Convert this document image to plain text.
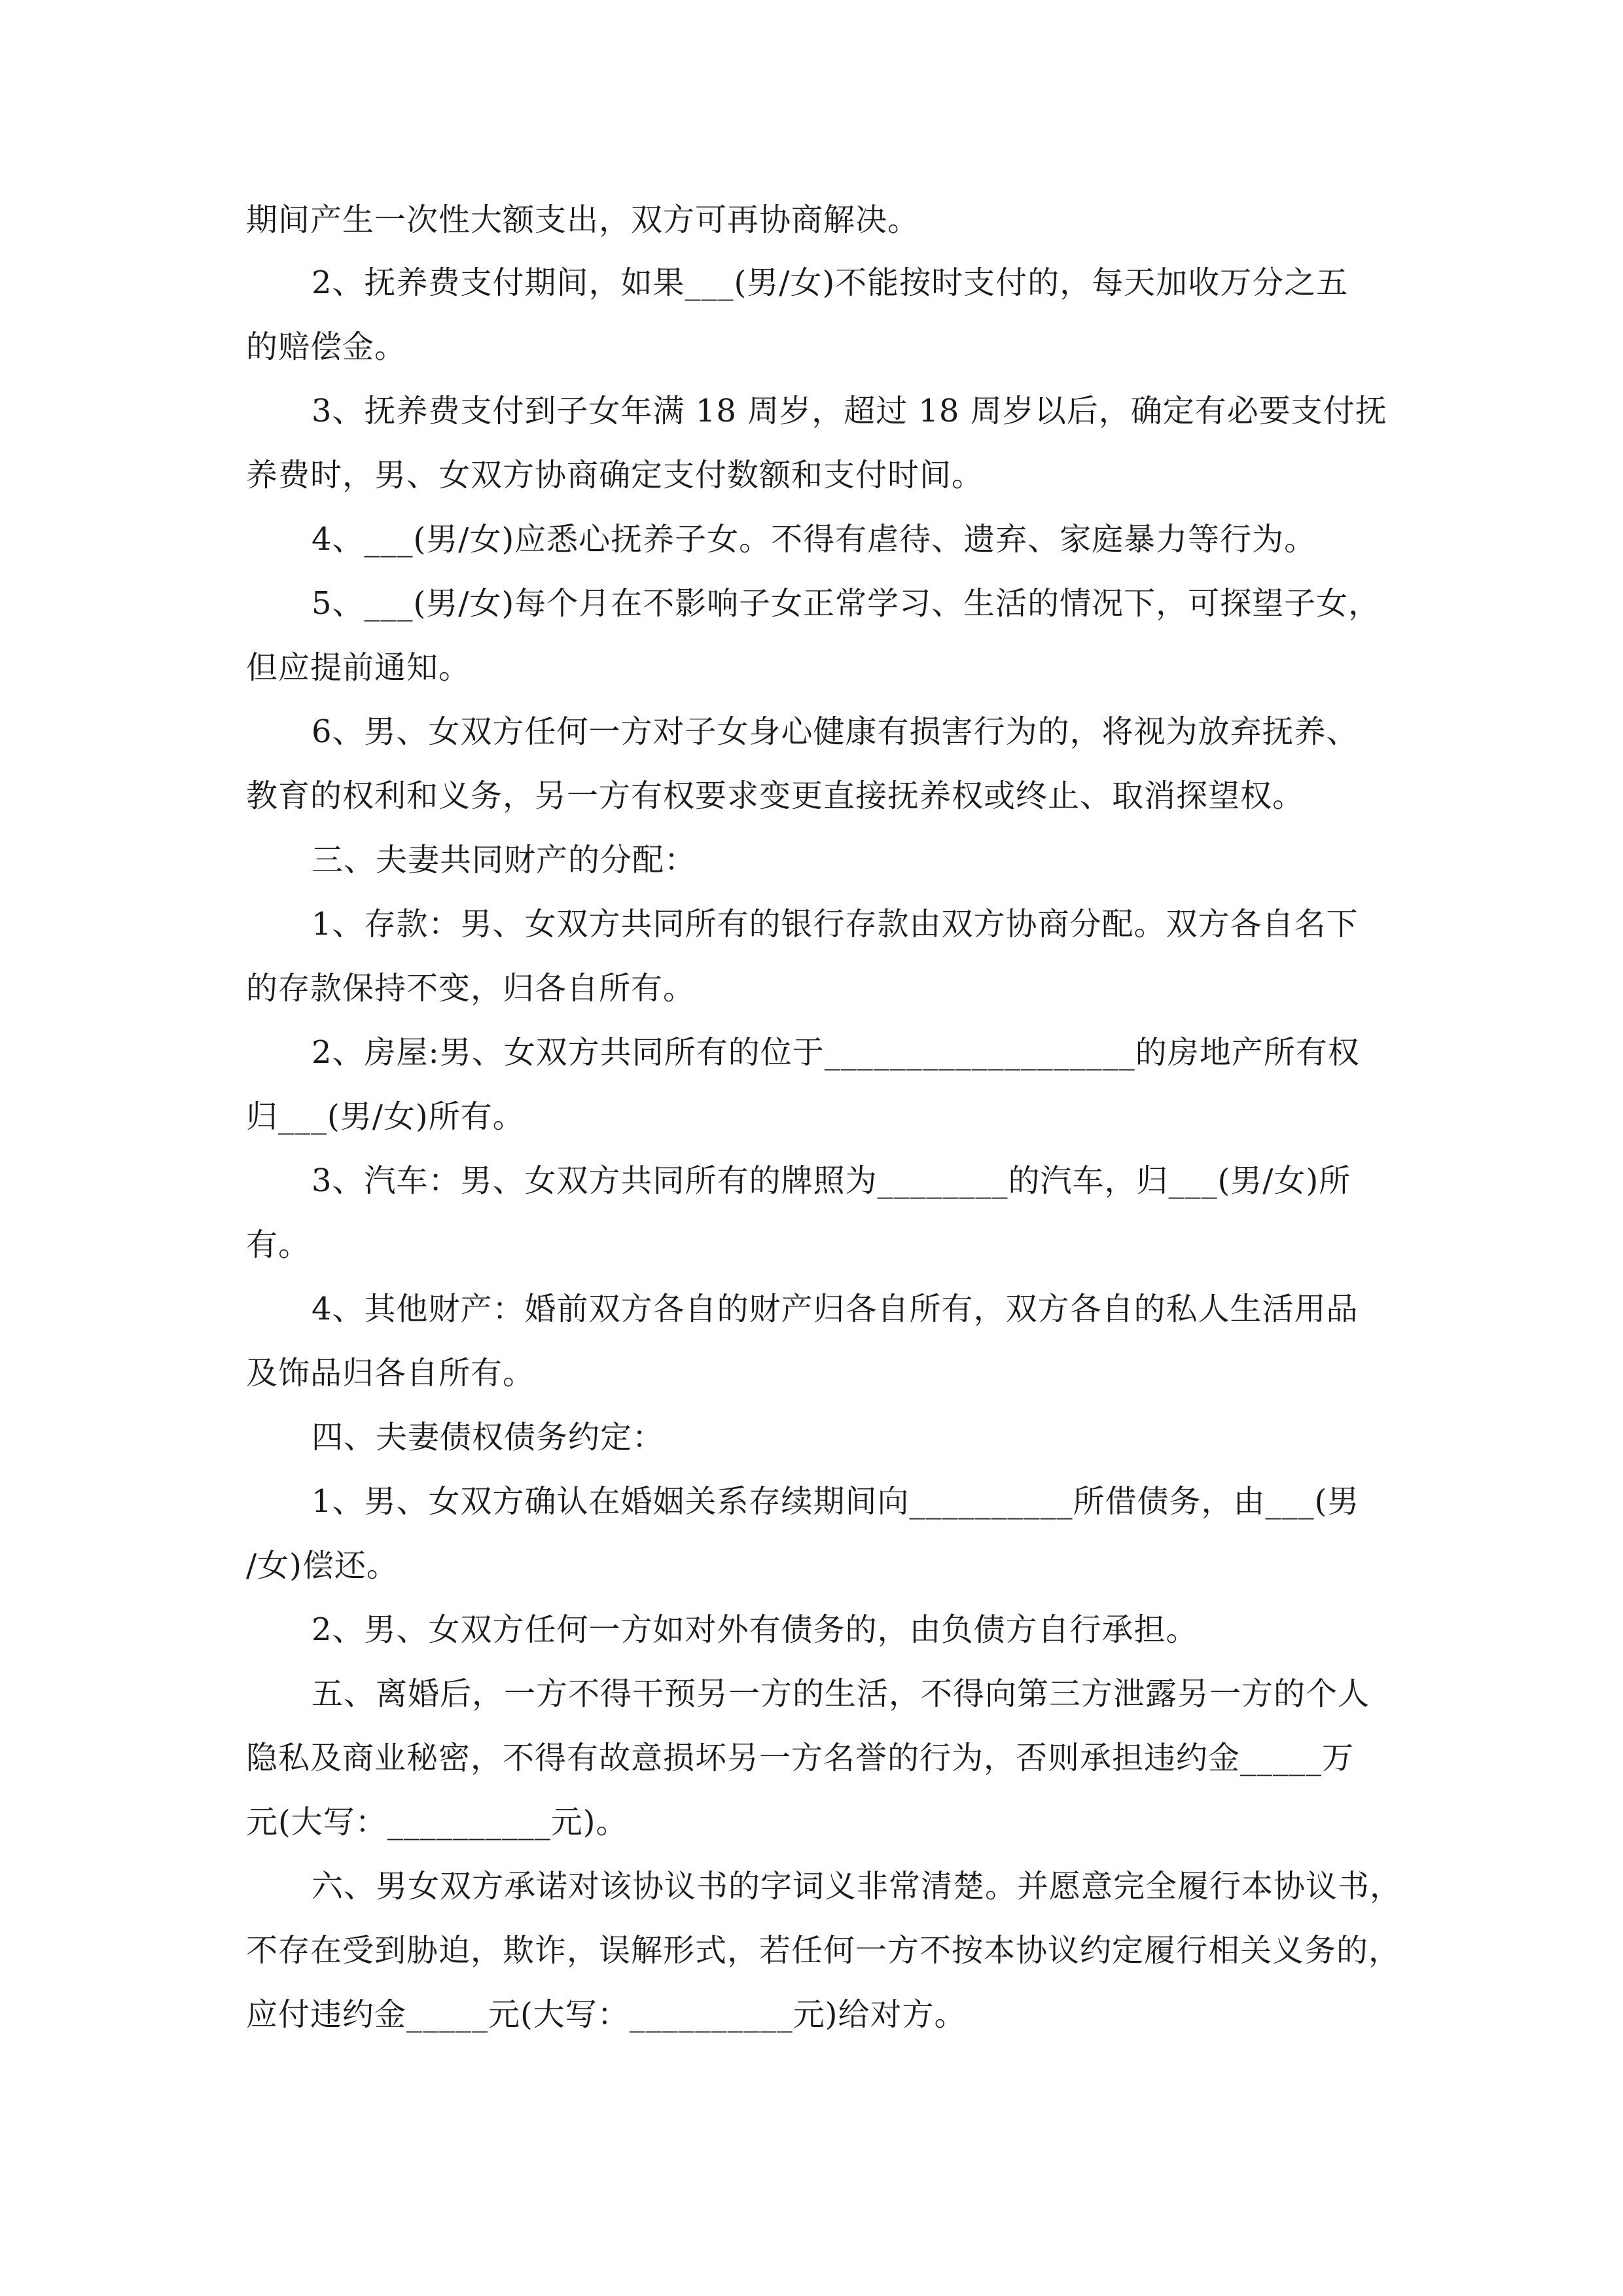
期间产生一次性大额支出，双方可再协商解决。
2、抚养费支付期间，如果___(男/女)不能按时支付的，每天加收万分之五
的赔偿金。
3、抚养费支付到子女年满 18 周岁，超过 18 周岁以后，确定有必要支付抚
养费时，男、女双方协商确定支付数额和支付时间。
4、___(男/女)应悉心抚养子女。不得有虐待、遗弃、家庭暴力等行为。
5、___(男/女)每个月在不影响子女正常学习、生活的情况下，可探望子女，
但应提前通知。
6、男、女双方任何一方对子女身心健康有损害行为的，将视为放弃抚养、
教育的权利和义务，另一方有权要求变更直接抚养权或终止、取消探望权。
三、夫妻共同财产的分配：
1、存款：男、女双方共同所有的银行存款由双方协商分配。双方各自名下
的存款保持不变，归各自所有。
2、房屋:男、女双方共同所有的位于___________________的房地产所有权
归___(男/女)所有。
3、汽车：男、女双方共同所有的牌照为________的汽车，归___(男/女)所
有。
4、其他财产：婚前双方各自的财产归各自所有，双方各自的私人生活用品
及饰品归各自所有。
四、夫妻债权债务约定：
1、男、女双方确认在婚姻关系存续期间向__________所借债务，由___(男
/女)偿还。
2、男、女双方任何一方如对外有债务的，由负债方自行承担。
五、离婚后，一方不得干预另一方的生活，不得向第三方泄露另一方的个人
隐私及商业秘密，不得有故意损坏另一方名誉的行为，否则承担违约金_____万
元(大写：__________元)。
六、男女双方承诺对该协议书的字词义非常清楚。并愿意完全履行本协议书，
不存在受到胁迫，欺诈，误解形式，若任何一方不按本协议约定履行相关义务的，
应付违约金_____元(大写：__________元)给对方。
